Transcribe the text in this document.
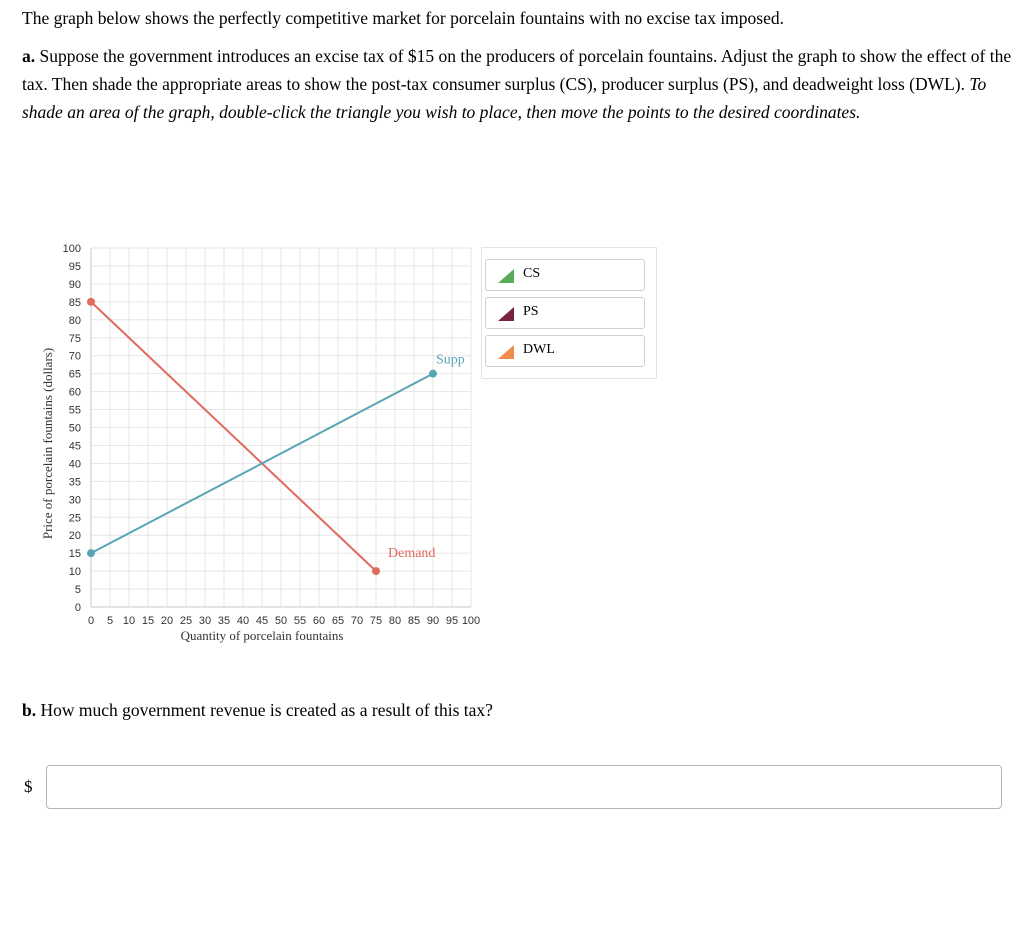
The graph below shows the perfectly competitive market for porcelain fountains with no excise tax imposed.
a. Suppose the government introduces an excise tax of $15 on the producers of porcelain fountains. Adjust the graph to show the effect of the tax. Then shade the appropriate areas to show the post-tax consumer surplus (CS), producer surplus (PS), and deadweight loss (DWL). To shade an area of the graph, double-click the triangle you wish to place, then move the points to the desired coordinates.
0
5
10
15
20
25
30
35
40
45
50
55
60
65
70
75
80
85
90
95
100
0 5 10 15 20 25 30 35 40 45 50 55 60 65 70 75 80 85 90 95 100
Quantity of porcelain fountains
Price of porcelain fountains (dollars)
Demand
Supp
CS
PS
DWL
b. How much government revenue is created as a result of this tax?
$
